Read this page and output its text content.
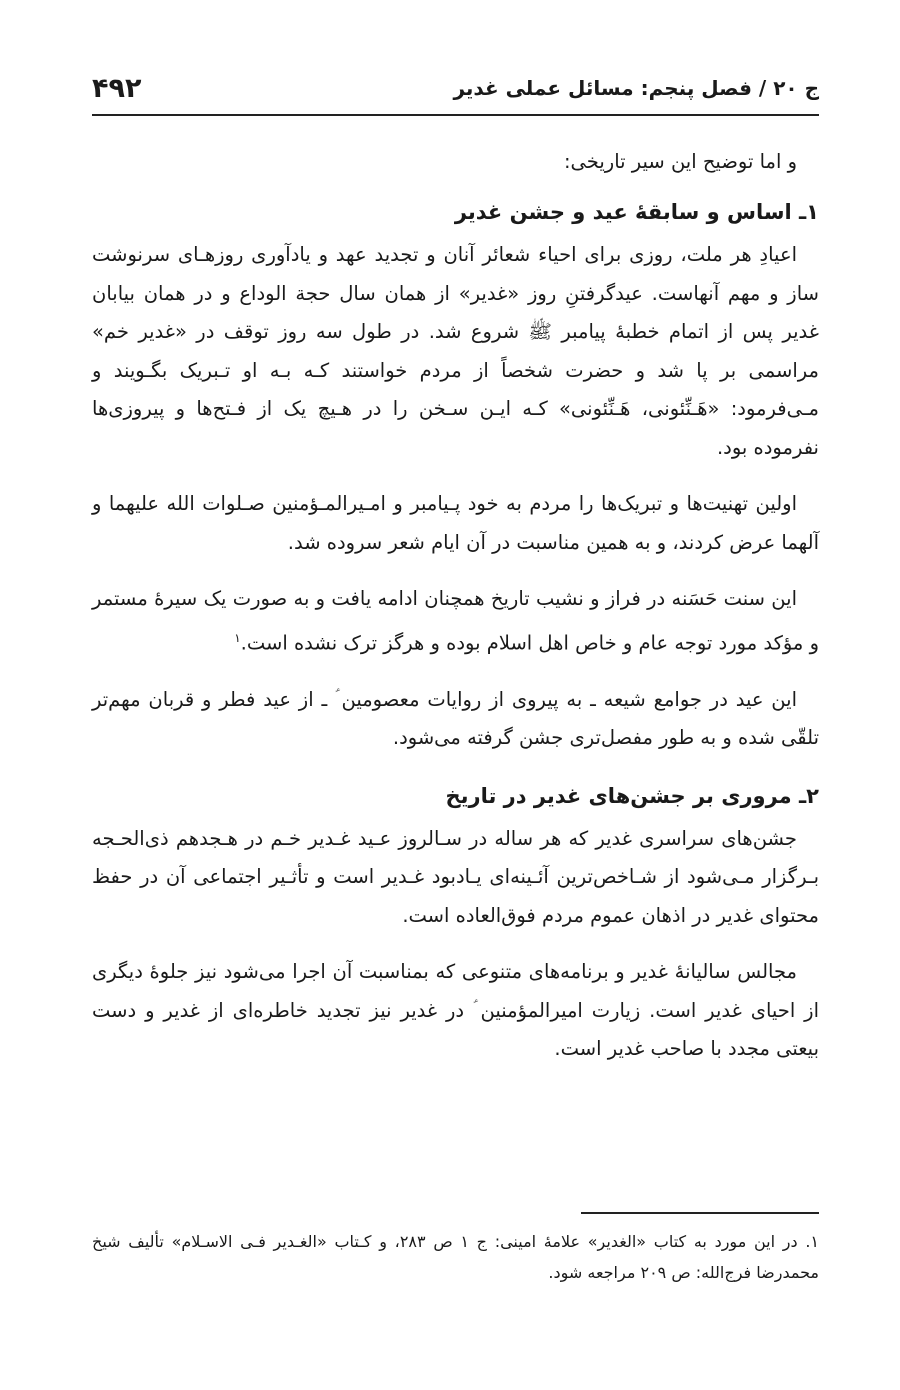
ج ۲۰ / فصل پنجم: مسائل عملی غدیر
۴۹۲

و اما توضیح این سیر تاریخی:

۱ـ اساس و سابقۀ عید و جشن غدیر

اعیادِ هر ملت، روزی برای احیاء شعائر آنان و تجدید عهد و یادآوری روزهـای سرنوشت ساز و مهم آنهاست. عیدگرفتنِ روز «غدیر» از همان سال حجة الوداع و در همان بیابان غدیر پس از اتمام خطبۀ پیامبر ﷺ شروع شد. در طول سه روز توقف در «غدیر خم» مراسمی بر پا شد و حضرت شخصاً از مردم خواستند کـه بـه او تـبریک بگـویند و مـی‌فرمود: «هَـنِّئونی، هَـنِّئونی» کـه ایـن سـخن را در هـیچ یک از فـتح‌ها و پیروزی‌ها نفرموده بود.

اولین تهنیت‌ها و تبریک‌ها را مردم به خود پـیامبر و امـیرالمـؤمنین صـلوات الله علیهما و آلهما عرض کردند، و به همین مناسبت در آن ایام شعر سروده شد.

این سنت حَسَنه در فراز و نشیب تاریخ همچنان ادامه یافت و به صورت یک سیرۀ مستمر و مؤکد مورد توجه عام و خاص اهل اسلام بوده و هرگز ترک نشده است.$^۱$

این عید در جوامع شیعه ـ به پیروی از روایات معصومین ؑ ـ از عید فطر و قربان مهم‌تر تلقّی شده و به طور مفصل‌تری جشن گرفته می‌شود.

۲ـ مروری بر جشن‌های غدیر در تاریخ

جشن‌های سراسری غدیر که هر ساله در سـالروز عـید غـدیر خـم در هـجدهم ذی‌الحـجه بـرگزار مـی‌شود از شـاخص‌ترین آئـینه‌ای یـادبود غـدیر است و تأثـیر اجتماعی آن در حفظ محتوای غدیر در اذهان عموم مردم فوق‌العاده است.

مجالس سالیانۀ غدیر و برنامه‌های متنوعی که بمناسبت آن اجرا می‌شود نیز جلوۀ دیگری از احیای غدیر است. زیارت امیرالمؤمنین ؑ در غدیر نیز تجدید خاطره‌ای از غدیر و دست بیعتی مجدد با صاحب غدیر است.

۱. در این مورد به کتاب «الغدیر» علامۀ امینی: ج ۱ ص ۲۸۳، و کـتاب «الغـدیر فـی الاسـلام» تألیف شیخ محمدرضا فرج‌الله: ص ۲۰۹ مراجعه شود.
